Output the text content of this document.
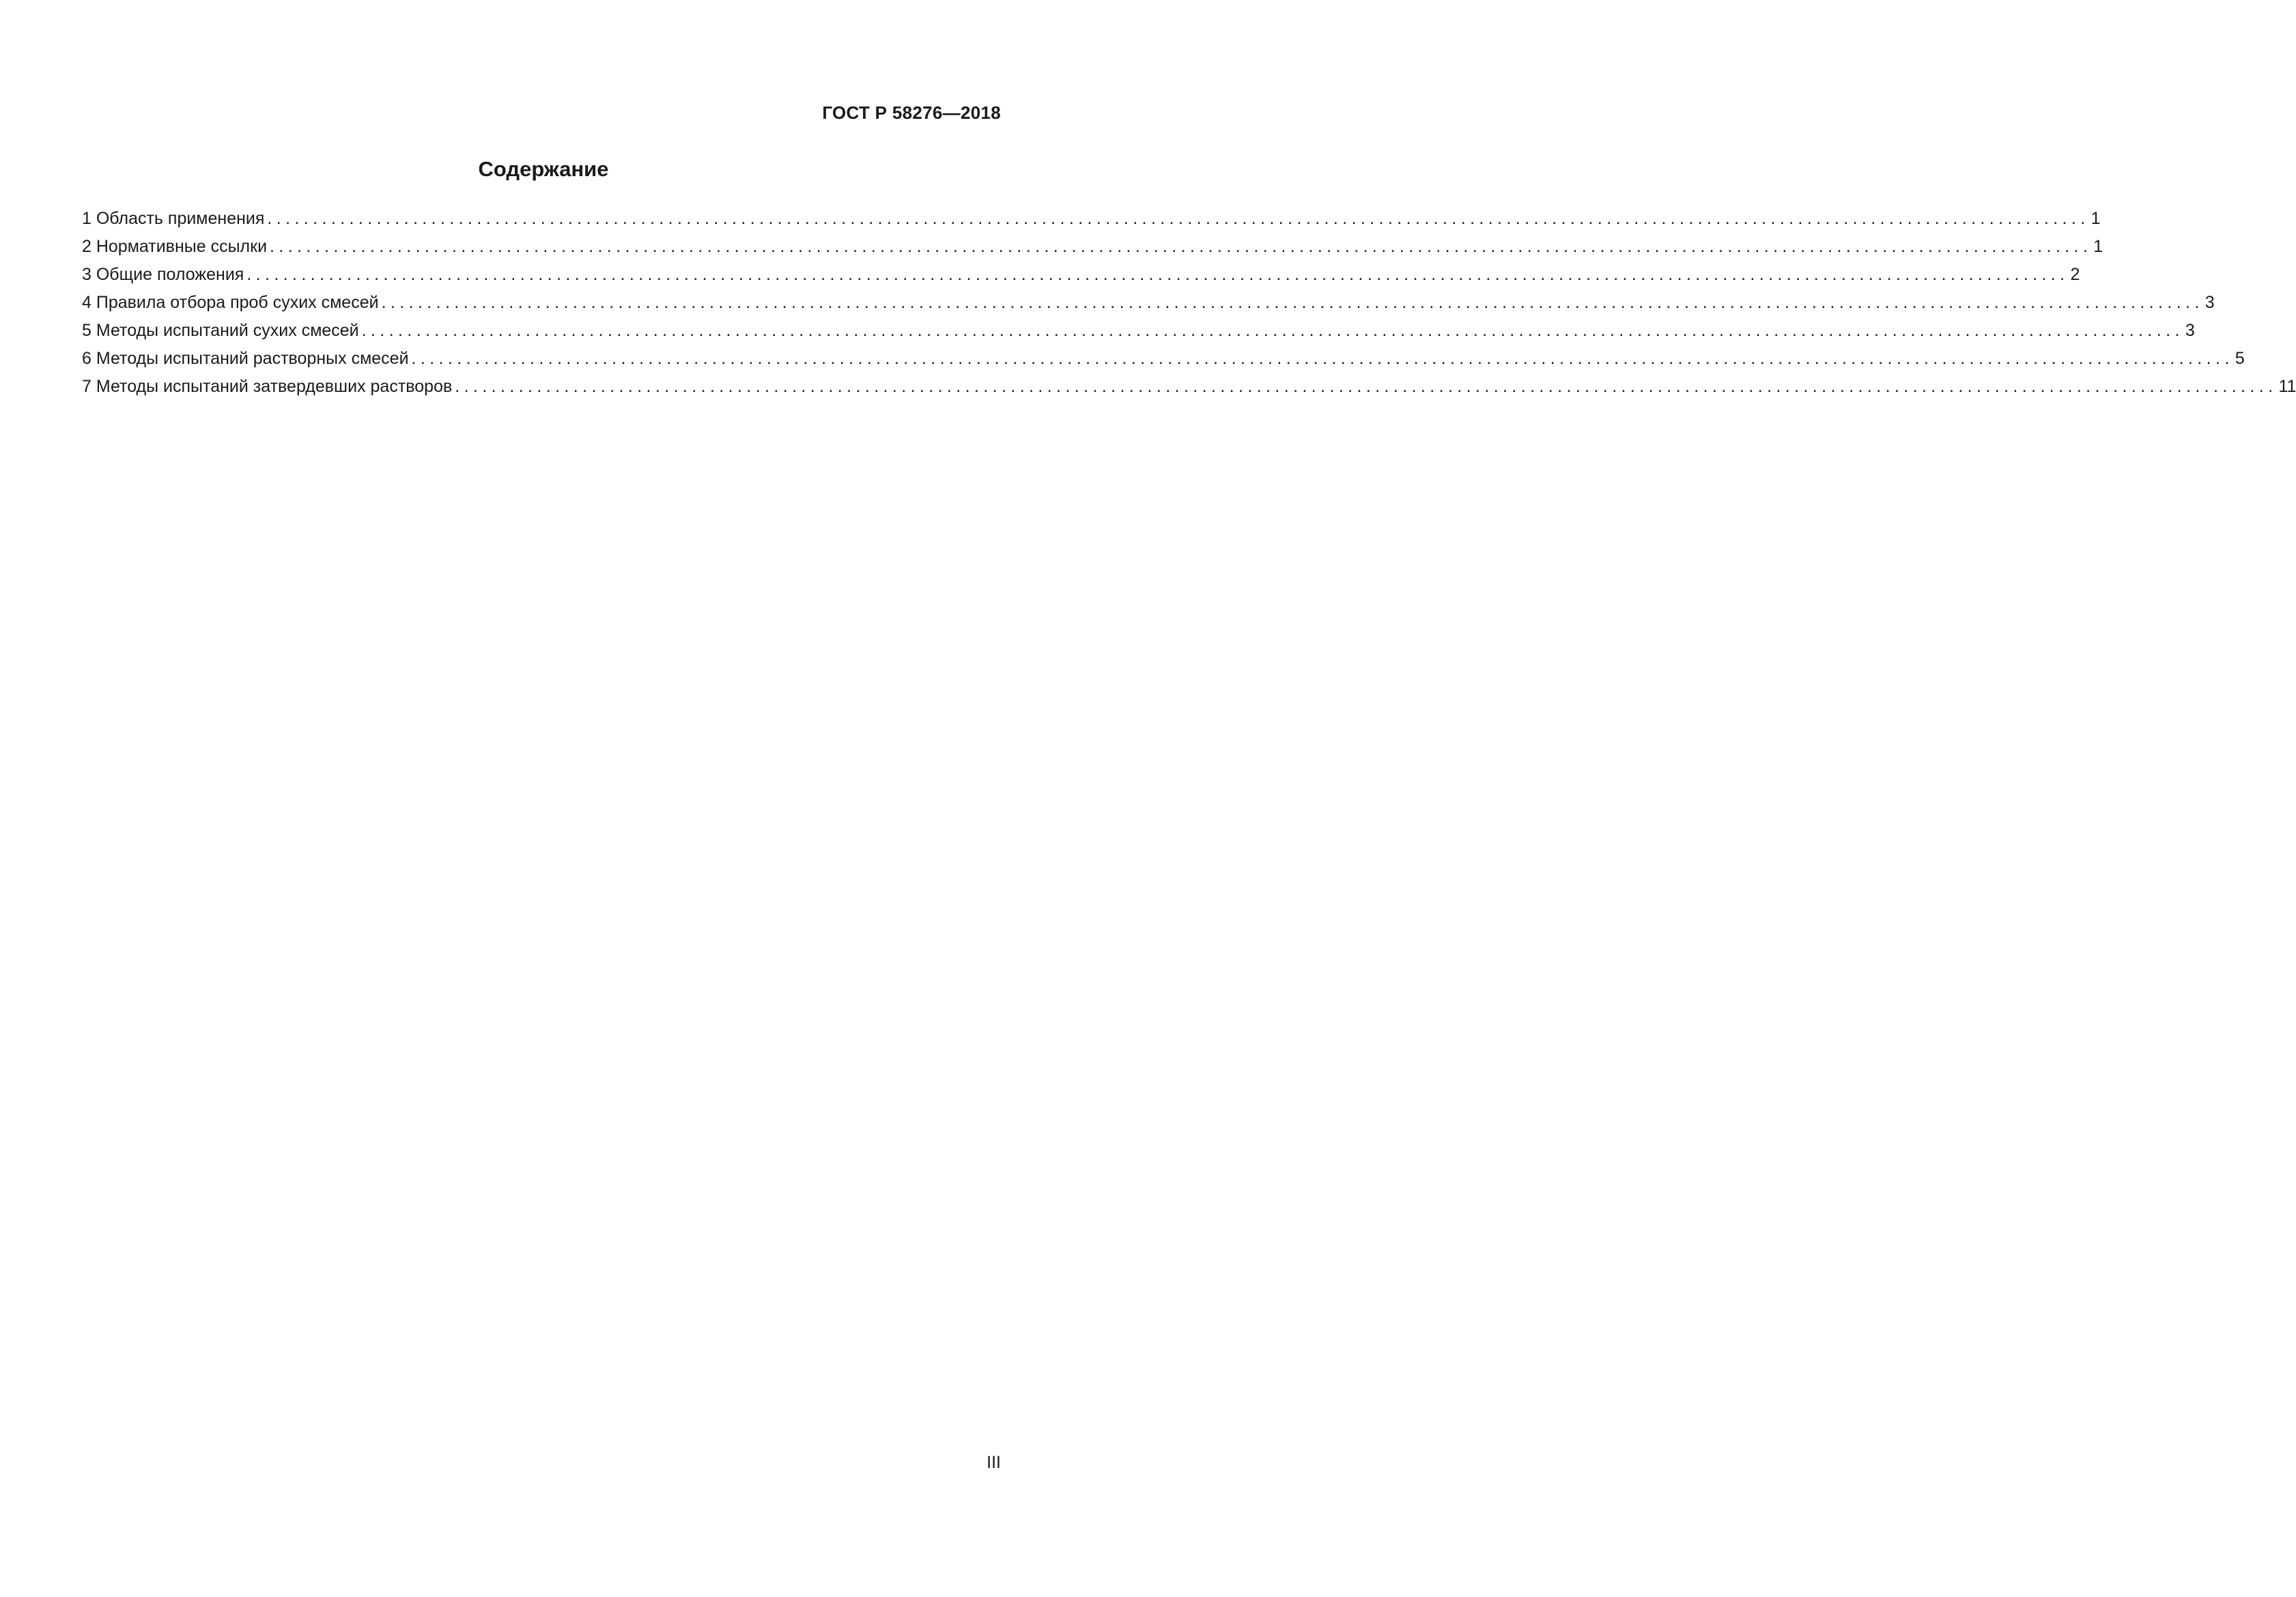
ГОСТ Р 58276—2018
Содержание
1 Область применения ........................................................................................................................................................................................................ 1
2 Нормативные ссылки ........................................................................................................................................................................................................ 1
3 Общие положения ........................................................................................................................................................................................................ 2
4 Правила отбора проб сухих смесей ........................................................................................................................................................................................................ 3
5 Методы испытаний сухих смесей ........................................................................................................................................................................................................ 3
6 Методы испытаний растворных смесей ........................................................................................................................................................................................................ 5
7 Методы испытаний затвердевших растворов ........................................................................................................................................................................................................ 11
III
